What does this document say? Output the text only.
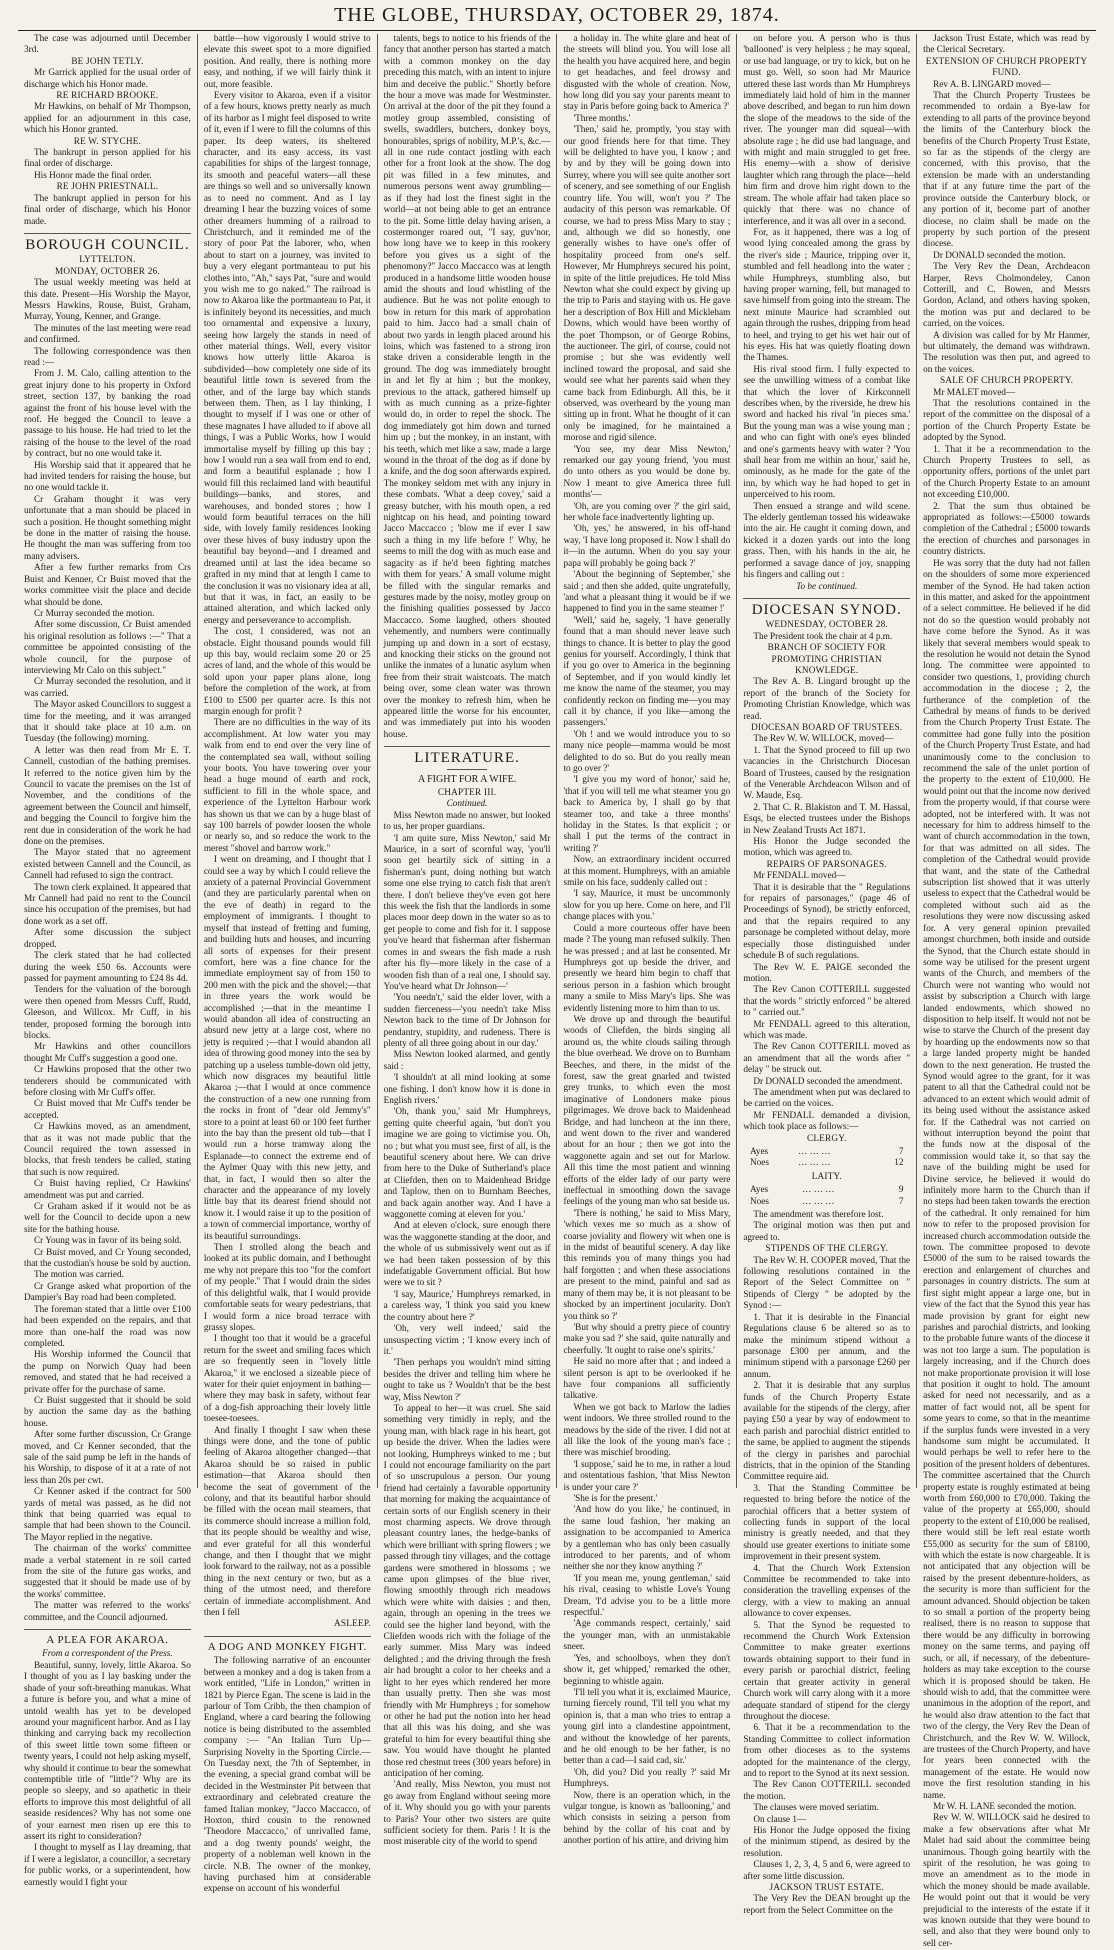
THE GLOBE, THURSDAY, OCTOBER 29, 1874.

The case was adjourned until December 3rd.

BE JOHN TETLY.

Mr Garrick applied for the usual order of discharge which his Honor made.

RE RICHARD BROOKE.

Mr Hawkins, on behalf of Mr Thompson, applied for an adjournment in this case, which his Honor granted.

RE W. STYCHE.

The bankrupt in person applied for his final order of discharge.

His Honor made the final order.

RE JOHN PRIESTNALL.

The bankrupt applied in person for his final order of discharge, which his Honor made.

BOROUGH COUNCIL.

LYTTELTON.

MONDAY, OCTOBER 26.

The usual weekly meeting was held at this date. Present—His Worship the Mayor, Messrs Hawkins, Rouse, Buist, Graham, Murray, Young, Kenner, and Grange.

The minutes of the last meeting were read and confirmed.

The following correspondence was then read :—

From J. M. Calo, calling attention to the great injury done to his property in Oxford street, section 137, by banking the road against the front of his house level with the roof. He begged the Council to leave a passage to his house. He had tried to let the raising of the house to the level of the road by contract, but no one would take it.

His Worship said that it appeared that he had invited tenders for raising the house, but no one would tackle it.

Cr Graham thought it was very unfortunate that a man should be placed in such a position. He thought something might be done in the matter of raising the house. He thought the man was suffering from too many advisers.

After a few further remarks from Crs Buist and Kenner, Cr Buist moved that the works committee visit the place and decide what should be done.

Cr Murray seconded the motion.

After some discussion, Cr Buist amended his original resolution as follows :—" That a committee be appointed consisting of the whole council, for the purpose of interviewing Mr Calo on this subject."

Cr Murray seconded the resolution, and it was carried.

The Mayor asked Councillors to suggest a time for the meeting, and it was arranged that it should take place at 10 a.m. on Tuesday (the following) morning.

A letter was then read from Mr E. T. Cannell, custodian of the bathing premises. It referred to the notice given him by the Council to vacate the premises on the 1st of November, and the conditions of the agreement between the Council and himself, and begging the Council to forgive him the rent due in consideration of the work he had done on the premises.

The Mayor stated that no agreement existed between Cannell and the Council, as Cannell had refused to sign the contract.

The town clerk explained. It appeared that Mr Cannell had paid no rent to the Council since his occupation of the premises, but had done work as a set off.

After some discussion the subject dropped.

The clerk stated that he had collected during the week £50 6s. Accounts were passed for payment amounting to £24 8s 4d.

Tenders for the valuation of the borough were then opened from Messrs Cuff, Rudd, Gleeson, and Willcox. Mr Cuff, in his tender, proposed forming the borough into blocks.

Mr Hawkins and other councillors thought Mr Cuff's suggestion a good one.

Cr Hawkins proposed that the other two tenderers should be communicated with before closing with Mr Cuff's offer.

Cr Buist moved that Mr Cuff's tender be accepted.

Cr Hawkins moved, as an amendment, that as it was not made public that the Council required the town assessed in blocks, that fresh tenders be called, stating that such is now required.

Cr Buist having replied, Cr Hawkins' amendment was put and carried.

Cr Graham asked if it would not be as well for the Council to decide upon a new site for the bathing house.

Cr Young was in favor of its being sold.

Cr Buist moved, and Cr Young seconded, that the custodian's house be sold by auction.

The motion was carried.

Cr Grange asked what proportion of the Dampier's Bay road had been completed.

The foreman stated that a little over £100 had been expended on the repairs, and that more than one-half the road was now completed.

His Worship informed the Council that the pump on Norwich Quay had been removed, and stated that he had received a private offer for the purchase of same.

Cr Buist suggested that it should be sold by auction the same day as the bathing house.

After some further discussion, Cr Grange moved, and Cr Kenner seconded, that the sale of the said pump be left in the hands of his Worship, to dispose of it at a rate of not less than 20s per cwt.

Cr Kenner asked if the contract for 500 yards of metal was passed, as he did not think that being quarried was equal to sample that had been shown to the Council. The Mayor replied in the negative.

The chairman of the works' committee made a verbal statement in re soil carted from the site of the future gas works, and suggested that it should be made use of by the works' committee.

The matter was referred to the works' committee, and the Council adjourned.

A PLEA FOR AKAROA.

From a correspondent of the Press.

Beautiful, sunny, lovely, little Akaroa. So I thought of you as I lay basking under the shade of your soft-breathing manukas. What a future is before you, and what a mine of untold wealth has yet to be developed around your magnificent harbor. And as I lay thinking and carrying back my recollection of this sweet little town some fifteen or twenty years, I could not help asking myself, why should it continue to bear the somewhat contemptible title of "little"? Why are its people so sleepy, and so apathetic in their efforts to improve this most delightful of all seaside residences? Why has not some one of your earnest men risen up ere this to assert its right to consideration?

I thought to myself as I lay dreaming, that if I were a legislator, a councillor, a secretary for public works, or a superintendent, how earnestly would I fight your

battle—how vigorously I would strive to elevate this sweet spot to a more dignified position. And really, there is nothing more easy, and nothing, if we will fairly think it out, more feasible.

Every visitor to Akaroa, even if a visitor of a few hours, knows pretty nearly as much of its harbor as I might feel disposed to write of it, even if I were to fill the columns of this paper. Its deep waters, its sheltered character, and its easy access, its vast capabilities for ships of the largest tonnage, its smooth and peaceful waters—all these are things so well and so universally known as to need no comment. And as I lay dreaming I hear the buzzing voices of some other dreamers humming of a railroad to Christchurch, and it reminded me of the story of poor Pat the laborer, who, when about to start on a journey, was invited to buy a very elegant portmanteau to put his clothes into, "Ah," says Pat, "sure and would you wish me to go naked." The railroad is now to Akaroa like the portmanteau to Pat, it is infinitely beyond its necessities, and much too ornamental and expensive a luxury, seeing how largely the stands in need of other material things. Well, every visitor knows how utterly little Akaroa is subdivided—how completely one side of its beautiful little town is severed from the other, and of the large bay which stands between them. Then, as I lay thinking, I thought to myself if I was one or other of these magnates I have alluded to if above all things, I was a Public Works, how I would immortalise myself by filling up this bay ; how I would run a sea wall from end to end, and form a beautiful esplanade ; how I would fill this reclaimed land with beautiful buildings—banks, and stores, and warehouses, and bonded stores ; how I would form beautiful terraces on the hill side, with lovely family residences looking over these hives of busy industry upon the beautiful bay beyond—and I dreamed and dreamed until at last the idea became so grafted in my mind that at length I came to the conclusion it was no visionary idea at all, but that it was, in fact, an easily to be attained alteration, and which lacked only energy and perseverance to accomplish.

The cost, I considered, was not an obstacle. Eight thousand pounds would fill up this bay, would reclaim some 20 or 25 acres of land, and the whole of this would be sold upon your paper plans alone, long before the completion of the work, at from £100 to £500 per quarter acre. Is this not margin enough for profit ?

There are no difficulties in the way of its accomplishment. At low water you may walk from end to end over the very line of the contemplated sea wall, without soiling your boots. You have towering over your head a huge mound of earth and rock, sufficient to fill in the whole space, and experience of the Lyttelton Harbour work has shown us that we can by a huge blast of say 100 barrels of powder loosen the whole or nearly so, and so reduce the work to the merest "shovel and barrow work."

I went on dreaming, and I thought that I could see a way by which I could relieve the anxiety of a paternal Provincial Government (and they are particularly parental when on the eve of death) in regard to the employment of immigrants. I thought to myself that instead of fretting and fuming, and building huts and houses, and incurring all sorts of expenses for their present comfort, here was a fine chance for the immediate employment say of from 150 to 200 men with the pick and the shovel;—that in three years the work would be accomplished ;—that in the meantime I would abandon all idea of constructing an absurd new jetty at a large cost, where no jetty is required ;—that I would abandon all idea of throwing good money into the sea by patching up a useless tumble-down old jetty, which now disgraces my beautiful little Akaroa ;—that I would at once commence the construction of a new one running from the rocks in front of "dear old Jemmy's" store to a point at least 60 or 100 feet further into the bay than the present old tub—that I would run a horse tramway along the Esplanade—to connect the extreme end of the Aylmer Quay with this new jetty, and that, in fact, I would then so alter the character and the appearance of my lovely little bay that its dearest friend should not know it. I would raise it up to the position of a town of commercial importance, worthy of its beautiful surroundings.

Then I strolled along the beach and looked at its public domain, and I bethought me why not prepare this too "for the comfort of my people." That I would drain the sides of this delightful walk, that I would provide comfortable seats for weary pedestrians, that I would form a nice broad terrace with grassy slopes.

I thought too that it would be a graceful return for the sweet and smiling faces which are so frequently seen in "lovely little Akaroa," it we enclosed a sizeable piece of water for their quiet enjoyment in bathing—where they may bask in safety, without fear of a dog-fish approaching their lovely little toesee-toesees.

And finally I thought I saw when these things were done, and the tone of public feeling of Akaroa altogether changed—that Akaroa should be so raised in public estimation—that Akaroa should then become the seat of government of the colony, and that its beautiful harbor should be filled with the ocean mail steamers, that its commerce should increase a million fold, that its people should be wealthy and wise, and ever grateful for all this wonderful change, and then I thought that we might look forward to the railway, not as a possible thing in the next century or two, but as a thing of the utmost need, and therefore certain of immediate accomplishment. And then I fell

ASLEEP.

A DOG AND MONKEY FIGHT.

The following narrative of an encounter between a monkey and a dog is taken from a work entitled, "Life in London," written in 1821 by Pierce Egan. The scene is laid in the parlour of Tom Cribb, the then champion of England, where a card bearing the following notice is being distributed to the assembled company :— "An Italian Turn Up—Surprising Novelty in the Sporting Circle.—On Tuesday next, the 7th of September, in the evening, a special grand combat will be decided in the Westminster Pit between that extraordinary and celebrated creature the famed Italian monkey, "Jacco Maccacco, of Hoxton, third cousin to the renowned 'Theodore Maccacco,' of unrivalled fame, and a dog twenty pounds' weight, the property of a nobleman well known in the circle. N.B. The owner of the monkey, having purchased him at considerable expense on account of his wonderful

talents, begs to notice to his friends of the fancy that another person has started a match with a common monkey on the day preceding this match, with an intent to injure him and deceive the public." Shortly before the hour a move was made for Westminster. On arrival at the door of the pit they found a motley group assembled, consisting of swells, swaddlers, butchers, donkey boys, honourables, sprigs of nobility, M.P.'s, &c.—all in one rude contact jostling with each other for a front look at the show. The dog pit was filled in a few minutes, and numerous persons went away grumbling—as if they had lost the finest sight in the world—at not being able to get an entrance to the pit. Some little delay having arisen, a costermonger roared out, "I say, guv'nor, how long have we to keep in this rookery before you gives us a sight of the phenomony?" Jacco Maccacco was at length produced in a handsome little wooden house amid the shouts and loud whistling of the audience. But he was not polite enough to bow in return for this mark of approbation paid to him. Jacco had a small chain of about two yards in length placed around his loins, which was fastened to a strong iron stake driven a considerable length in the ground. The dog was immediately brought in and let fly at him ; but the monkey, previous to the attack, gathered himself up with as much cunning as a prize-fighter would do, in order to repel the shock. The dog immediately got him down and turned him up ; but the monkey, in an instant, with his teeth, which met like a saw, made a large wound in the throat of the dog as if done by a knife, and the dog soon afterwards expired. The monkey seldom met with any injury in these combats. 'What a deep covey,' said a greasy butcher, with his mouth open, a red nightcap on his head, and pointing toward Jacco Maccacco ; 'blow me if ever I saw such a thing in my life before !' Why, he seems to mill the dog with as much ease and sagacity as if he'd been fighting matches with them for years.' A small volume might be filled with the singular remarks and gestures made by the noisy, motley group on the finishing qualities possessed by Jacco Maccacco. Some laughed, others shouted vehemently, and numbers were continually jumping up and down in a sort of ecstasy, and knocking their sticks on the ground not unlike the inmates of a lunatic asylum when free from their strait waistcoats. The match being over, some clean water was thrown over the monkey to refresh him, when he appeared little the worse for his encounter, and was immediately put into his wooden house.

LITERATURE.
A FIGHT FOR A WIFE.

CHAPTER III.

Continued.

Miss Newton made no answer, but looked to us, her proper guardians.

'I am quite sure, Miss Newton,' said Mr Maurice, in a sort of scornful way, 'you'll soon get heartily sick of sitting in a fisherman's punt, doing nothing but watch some one else trying to catch fish that aren't there. I don't believe they've even got here this week the fish that the landlords in some places moor deep down in the water so as to get people to come and fish for it. I suppose you've heard that fisherman after fisherman comes in and swears the fish made a rush after his fly—more likely in the case of a wooden fish than of a real one, I should say. You've heard what Dr Johnson—'

'You needn't,' said the elder lover, with a sudden fierceness—'you needn't take Miss Newton back to the time of Dr Johnson for pendantry, stupidity, and rudeness. There is plenty of all three going about in our day.'

Miss Newton looked alarmed, and gently said :

'I shouldn't at all mind looking at some one fishing. I don't know how it is done in English rivers.'

'Oh, thank you,' said Mr Humphreys, getting quite cheerful again, 'but don't you imagine we are going to victimise you. Oh, no ; but what you must see, first of all, is the beautiful scenery about here. We can drive from here to the Duke of Sutherland's place at Cliefden, then on to Maidenhead Bridge and Taplow, then on to Burnham Beeches, and back again another way. And I have a waggonette coming at eleven for you.'

And at eleven o'clock, sure enough there was the waggonette standing at the door, and the whole of us submissively went out as if we had been taken possession of by this indefatigable Government official. But how were we to sit ?

'I say, Maurice,' Humphreys remarked, in a careless way, 'I think you said you knew the country about here ?'

'Oh, very well indeed,' said the unsuspecting victim ; 'I know every inch of it.'

'Then perhaps you wouldn't mind sitting besides the driver and telling him where he ought to take us ? Wouldn't that be the best way, Miss Newton ?'

To appeal to her—it was cruel. She said something very timidly in reply, and the young man, with black rage in his heart, got up beside the driver. When the ladies were not looking, Humphreys winked to me ; but I could not encourage familiarity on the part of so unscrupulous a person. Our young friend had certainly a favorable opportunity that morning for making the acquaintance of certain sorts of our English scenery in their most charming aspects. We drove through pleasant country lanes, the hedge-banks of which were brilliant with spring flowers ; we passed through tiny villages, and the cottage gardens were smothered in blossoms ; we came upon glimpses of the blue river, flowing smoothly through rich meadows which were white with daisies ; and then, again, through an opening in the trees we could see the higher land beyond, with the Cliefden woods rich with the foliage of the early summer. Miss Mary was indeed delighted ; and the driving through the fresh air had brought a color to her cheeks and a light to her eyes which rendered her more than usually pretty. Then she was most friendly with Mr Humphreys ; for somehow or other he had put the notion into her head that all this was his doing, and she was grateful to him for every beautiful thing she saw. You would have thought he planted those red chestnut trees (300 years before) in anticipation of her coming.

'And really, Miss Newton, you must not go away from England without seeing more of it. Why should you go with your parents to Paris? Your other two sisters are quite sufficient society for them. Paris ! It is the most miserable city of the world to spend

a holiday in. The white glare and heat of the streets will blind you. You will lose all the health you have acquired here, and begin to get headaches, and feel drowsy and disgusted with the whole of creation. Now, how long did you say your parents meant to stay in Paris before going back to America ?'

'Three months.'

'Then,' said he, promptly, 'you stay with our good friends here for that time. They will be delighted to have you, I know ; and by and by they will be going down into Surrey, where you will see quite another sort of scenery, and see something of our English country life. You will, won't you ?' The audacity of this person was remarkable. Of course, we had to press Miss Mary to stay ; and, although we did so honestly, one generally wishes to have one's offer of hospitality proceed from one's self. However, Mr Humphreys secured his point, in spite of the little prejudices. He told Miss Newton what she could expect by giving up the trip to Paris and staying with us. He gave her a description of Box Hill and Mickleham Downs, which would have been worthy of the poet Thompson, or of George Robins, the auctioneer. The girl, of course, could not promise ; but she was evidently well inclined toward the proposal, and said she would see what her parents said when they came back from Edinburgh. All this, be it observed, was overheard by the young man sitting up in front. What he thought of it can only be imagined, for he maintained a morose and rigid silence.

'You see, my dear Miss Newton,' remarked our gay young friend, 'you must do unto others as you would be done by. Now I meant to give America three full months'—

'Oh, are you coming over ?' the girl said, her whole face inadvertently lighting up.

'Oh, yes,' he answered, in his off-hand way, 'I have long proposed it. Now I shall do it—in the autumn. When do you say your papa will probably be going back ?'

'About the beginning of September,' she said ; and then she added, quite ungratefully, 'and what a pleasant thing it would be if we happened to find you in the same steamer !'

'Well,' said he, sagely, 'I have generally found that a man should never leave such things to chance. It is better to play the good genius for yourself. Accordingly, I think that if you go over to America in the beginning of September, and if you would kindly let me know the name of the steamer, you may confidently reckon on finding me—you may call it by chance, if you like—among the passengers.'

'Oh ! and we would introduce you to so many nice people—mamma would be most delighted to do so. But do you really mean to go over ?'

'I give you my word of honor,' said he, 'that if you will tell me what steamer you go back to America by, I shall go by that steamer too, and take a three months' holiday in the States. Is that explicit ; or shall I put the terms of the contract in writing ?'

Now, an extraordinary incident occurred at this moment. Humphreys, with an amiable smile on his face, suddenly called out :

'I say, Maurice, it must be uncommonly slow for you up here. Come on here, and I'll change places with you.'

Could a more courteous offer have been made ? The young man refused sulkily. Then he was pressed ; and at last he consented. Mr Humphreys got up beside the driver, and presently we heard him begin to chaff that serious person in a fashion which brought many a smile to Miss Mary's lips. She was evidently listening more to him than to us.

We drove up and through the beautiful woods of Cliefden, the birds singing all around us, the white clouds sailing through the blue overhead. We drove on to Burnham Beeches, and there, in the midst of the forest, saw the great gnarled and twisted grey trunks, to which even the most imaginative of Londoners make pious pilgrimages. We drove back to Maidenhead Bridge, and had luncheon at the inn there, and went down to the river and wandered about for an hour ; then we got into the waggonette again and set out for Marlow. All this time the most patient and winning efforts of the elder lady of our party were ineffectual in smoothing down the savage feelings of the young man who sat beside us.

'There is nothing,' he said to Miss Mary, 'which vexes me so much as a show of coarse joviality and flowery wit when one is in the midst of beautiful scenery. A day like this reminds you of many things you had half forgotten ; and when these associations are present to the mind, painful and sad as many of them may be, it is not pleasant to be shocked by an impertinent jocularity. Don't you think so ?'

'But why should a pretty piece of country make you sad ?' she said, quite naturally and cheerfully. 'It ought to raise one's spirits.'

He said no more after that ; and indeed a silent person is apt to be overlooked if he have four companions all sufficiently talkative.

When we got back to Marlow the ladies went indoors. We three strolled round to the meadows by the side of the river. I did not at all like the look of the young man's face ; there was mischief brooding.

'I suppose,' said he to me, in rather a loud and ostentatious fashion, 'that Miss Newton is under your care ?'

'She is for the present.'

'And how do you like,' he continued, in the same loud fashion, 'her making an assignation to be accompanied to America by a gentleman who has only been casually introduced to her parents, and of whom neither she nor they know anything ?'

'If you mean me, young gentleman,' said his rival, ceasing to whistle Love's Young Dream, 'I'd advise you to be a little more respectful.'

'Age commands respect, certainly,' said the younger man, with an unmistakable sneer.

'Yes, and schoolboys, when they don't show it, get whipped,' remarked the other, beginning to whistle again.

'I'll tell you what it is, exclaimed Maurice, turning fiercely round, 'I'll tell you what my opinion is, that a man who tries to entrap a young girl into a clandestine appointment, and without the knowledge of her parents, and he old enough to be her father, is no better than a cad—I said cad, sir.'

'Oh, did you? Did you really ?' said Mr Humphreys.

Now, there is an operation which, in the vulgar tongue, is known as 'ballooning,' and which consists in seizing a person from behind by the collar of his coat and by another portion of his attire, and driving him

on before you. A person who is thus 'ballooned' is very helpless ; he may squeal, or use bad language, or try to kick, but on he must go. Well, so soon had Mr Maurice uttered these last words than Mr Humphreys immediately laid hold of him in the manner above described, and began to run him down the slope of the meadows to the side of the river. The younger man did squeal—with absolute rage ; he did use bad language, and with might and main struggled to get free. His enemy—with a show of derisive laughter which rang through the place—held him firm and drove him right down to the stream. The whole affair had taken place so quickly that there was no chance of interference, and it was all over in a second.

For, as it happened, there was a log of wood lying concealed among the grass by the river's side ; Maurice, tripping over it, stumbled and fell headlong into the water ; while Humphreys, stumbling also, but having proper warning, fell, but managed to save himself from going into the stream. The next minute Maurice had scrambled out again through the rushes, dripping from head to heel, and trying to get his wet hair out of his eyes. His hat was quietly floating down the Thames.

His rival stood firm. I fully expected to see the unwilling witness of a combat like that which the lover of Kirkconnell describes when, by the riverside, he drew his sword and hacked his rival 'in pieces sma.' But the young man was a wise young man ; and who can fight with one's eyes blinded and one's garments heavy with water ? 'You shall hear from me within an hour,' said he, ominously, as he made for the gate of the inn, by which way he had hoped to get in unperceived to his room.

Then ensued a strange and wild scene. The elderly gentleman tossed his wideawake into the air. He caught it coming down, and kicked it a dozen yards out into the long grass. Then, with his hands in the air, he performed a savage dance of joy, snapping his fingers and calling out :

To be continued.

DIOCESAN SYNOD.

WEDNESDAY, OCTOBER 28.

The President took the chair at 4 p.m.

BRANCH OF SOCIETY FOR PROMOTING CHRISTIAN KNOWLEDGE.

The Rev A. B. Lingard brought up the report of the branch of the Society for Promoting Christian Knowledge, which was read.

DIOCESAN BOARD OF TRUSTEES.

The Rev W. W. WILLOCK, moved—

1. That the Synod proceed to fill up two vacancies in the Christchurch Diocesan Board of Trustees, caused by the resignation of the Venerable Archdeacon Wilson and of W. Maude, Esq.

2. That C. R. Blakiston and T. M. Hassal, Esqs, be elected trustees under the Bishops in New Zealand Trusts Act 1871.

His Honor the Judge seconded the motion, which was agreed to.

REPAIRS OF PARSONAGES.

Mr FENDALL moved—

That it is desirable that the " Regulations for repairs of parsonages," (page 46 of Proceedings of Synod), be strictly enforced, and that the repairs required to any parsonage be completed without delay, more especially those distinguished under schedule B of such regulations.

The Rev W. E. PAIGE seconded the motion.

The Rev Canon COTTERILL suggested that the words " strictly enforced " be altered to " carried out."

Mr FENDALL agreed to this alteration, which was made.

The Rev Canon COTTERILL moved as an amendment that all the words after " delay " be struck out.

Dr DONALD seconded the amendment.

The amendment when put was declared to be carried on the voices.

Mr FENDALL demanded a division, which took place as follows:—

CLERGY.

Ayes	… … …	7
Noes	… … …	12

LAITY.

Ayes	… … …	9
Noes	… … …	7

The amendment was therefore lost.

The original motion was then put and agreed to.

STIPENDS OF THE CLERGY.

The Rev W. H. COOPER moved, That the following resolutions contained in the Report of the Select Committee on " Stipends of Clergy " be adopted by the Synod :—

1. That it is desirable in the Financial Regulations clause 6 be altered so as to make the minimum stipend without a parsonage £300 per annum, and the minimum stipend with a parsonage £260 per annum.

2. That it is desirable that any surplus funds of the Church Property Estate available for the stipends of the clergy, after paying £50 a year by way of endowment to each parish and parochial district entitled to the same, be applied to augment the stipends of the clergy in parishes and parochial districts, that in the opinion of the Standing Committee require aid.

3. That the Standing Committee be requested to bring before the notice of the parochial officers that a better system of collecting funds in support of the local ministry is greatly needed, and that they should use greater exertions to initiate some improvement in their present system.

4. That the Church Work Extension Committee be recommended to take into consideration the travelling expenses of the clergy, with a view to making an annual allowance to cover expenses.

5. That the Synod be requested to recommend the Church Work Extension Committee to make greater exertions towards obtaining support to their fund in every parish or parochial district, feeling certain that greater activity in general Church work will carry along with it a more adequate standard of stipend for the clergy throughout the diocese.

6. That it be a recommendation to the Standing Committee to collect information from other dioceses as to the systems adopted for the maintenance of the clergy, and to report to the Synod at its next session.

The Rev Canon COTTERILL seconded the motion.

The clauses were moved seriatim.

On clause 1—

His Honor the Judge opposed the fixing of the minimum stipend, as desired by the resolution.

Clauses 1, 2, 3, 4, 5 and 6, were agreed to after some little discussion.

JACKSON TRUST ESTATE.

The Very Rev the DEAN brought up the report from the Select Committee on the

Jackson Trust Estate, which was read by the Clerical Secretary.

EXTENSION OF CHURCH PROPERTY FUND.

Rev A. B. LINGARD moved—

That the Church Property Trustees be recommended to ordain a Bye-law for extending to all parts of the province beyond the limits of the Canterbury block the benefits of the Church Property Trust Estate, so far as the stipends of the clergy are concerned, with this proviso, that the extension be made with an understanding that if at any future time the part of the province outside the Canterbury block, or any portion of it, become part of another diocese, no claim shall be made on the property by such portion of the present diocese.

Dr DONALD seconded the motion.

The Very Rev the Dean, Archdeacon Harper, Revs Cholmondeley, Canon Cotterill, and C. Bowen, and Messrs Gordon, Acland, and others having spoken, the motion was put and declared to be carried, on the voices.

A division was called for by Mr Hanmer, but ultimately, the demand was withdrawn. The resolution was then put, and agreed to on the voices.

SALE OF CHURCH PROPERTY.

Mr MALET moved—

That the resolutions contained in the report of the committee on the disposal of a portion of the Church Property Estate be adopted by the Synod.

1. That it be a recommendation to the Church Property Trustees to sell, as opportunity offers, portions of the unlet part of the Church Property Estate to an amount not exceeding £10,000.

2. That the sum thus obtained be appropriated as follows:—£5000 towards completion of the Cathedral ; £5000 towards the erection of churches and parsonages in country districts.

He was sorry that the duty had not fallen on the shoulders of some more experienced member of the Synod. He had taken action in this matter, and asked for the appointment of a select committee. He believed if he did not do so the question would probably not have come before the Synod. As it was likely that several members would speak to the resolution he would not detain the Synod long. The committee were appointed to consider two questions, 1, providing church accommodation in the diocese ; 2, the furtherance of the completion of the Cathedral by means of funds to be derived from the Church Property Trust Estate. The committee had gone fully into the position of the Church Property Trust Estate, and had unanimously come to the conclusion to recommend the sale of the unlet portion of the property to the extent of £10,000. He would point out that the income now derived from the property would, if that course were adopted, not be interfered with. It was not necessary for him to address himself to the want of church accommodation in the town, for that was admitted on all sides. The completion of the Cathedral would provide that want, and the state of the Cathedral subscription list showed that it was utterly useless to expect that the Cathedral would be completed without such aid as the resolutions they were now discussing asked for. A very general opinion prevailed amongst churchmen, both inside and outside the Synod, that the Church estate should in some way be utilised for the present urgent wants of the Church, and members of the Church were not wanting who would not assist by subscription a Church with large landed endowments, which showed no disposition to help itself. It would not not be wise to starve the Church of the present day by hoarding up the endowments now so that a large landed property might be handed down to the next generation. He trusted the Synod would agree to the grant, for it was patent to all that the Cathedral could not be advanced to an extent which would admit of its being used without the assistance asked for. If the Cathedral was not carried on without interruption beyond the point that the funds now at the disposal of the commission would take it, so that say the nave of the building might be used for Divine service, he believed it would do infinitely more harm to the Church than if no steps had been taken towards the erection of the cathedral. It only remained for him now to refer to the proposed provision for increased church accommodation outside the town. The committee proposed to devote £5000 of the sum to be raised towards the erection and enlargement of churches and parsonages in country districts. The sum at first sight might appear a large one, but in view of the fact that the Synod this year has made provision by grant for eight new parishes and parochial districts, and looking to the probable future wants of the diocese it was not too large a sum. The population is largely increasing, and if the Church does not make proportionate provision it will lose that position it ought to hold. The amount asked for need not necessarily, and as a matter of fact would not, all be spent for some years to come, so that in the meantime if the surplus funds were invested in a very handsome sum might be accumulated. It would perhaps be well to refer here to the position of the present holders of debentures. The committee ascertained that the Church property estate is roughly estimated at being worth from £60,000 to £70,000. Taking the value of the property at £65,000, should property to the extent of £10,000 be realised, there would still be left real estate worth £55,000 as security for the sum of £8100, with which the estate is now chargeable. It is not anticipated that any objection will be raised by the present debenture-holders, as the security is more than sufficient for the amount advanced. Should objection be taken to so small a portion of the property being realised, there is no reason to suppose that there would be any difficulty in borrowing money on the same terms, and paying off such, or all, if necessary, of the debenture-holders as may take exception to the course which it is proposed should be taken. He should wish to add, that the committee were unanimous in the adoption of the report, and he would also draw attention to the fact that two of the clergy, the Very Rev the Dean of Christchurch, and the Rev W. W. Willock, are trustees of the Church Property, and have for years been connected with the management of the estate. He would now move the first resolution standing in his name.

Mr W. H. LANE seconded the motion.

Rev W. W. WILLOCK said he desired to make a few observations after what Mr Malet had said about the committee being unanimous. Though going heartily with the spirit of the resolution, he was going to move an amendment as to the mode in which the money should be made available. He would point out that it would be very prejudicial to the interests of the estate if it was known outside that they were bound to sell, and also that they were bound only to sell cer-
